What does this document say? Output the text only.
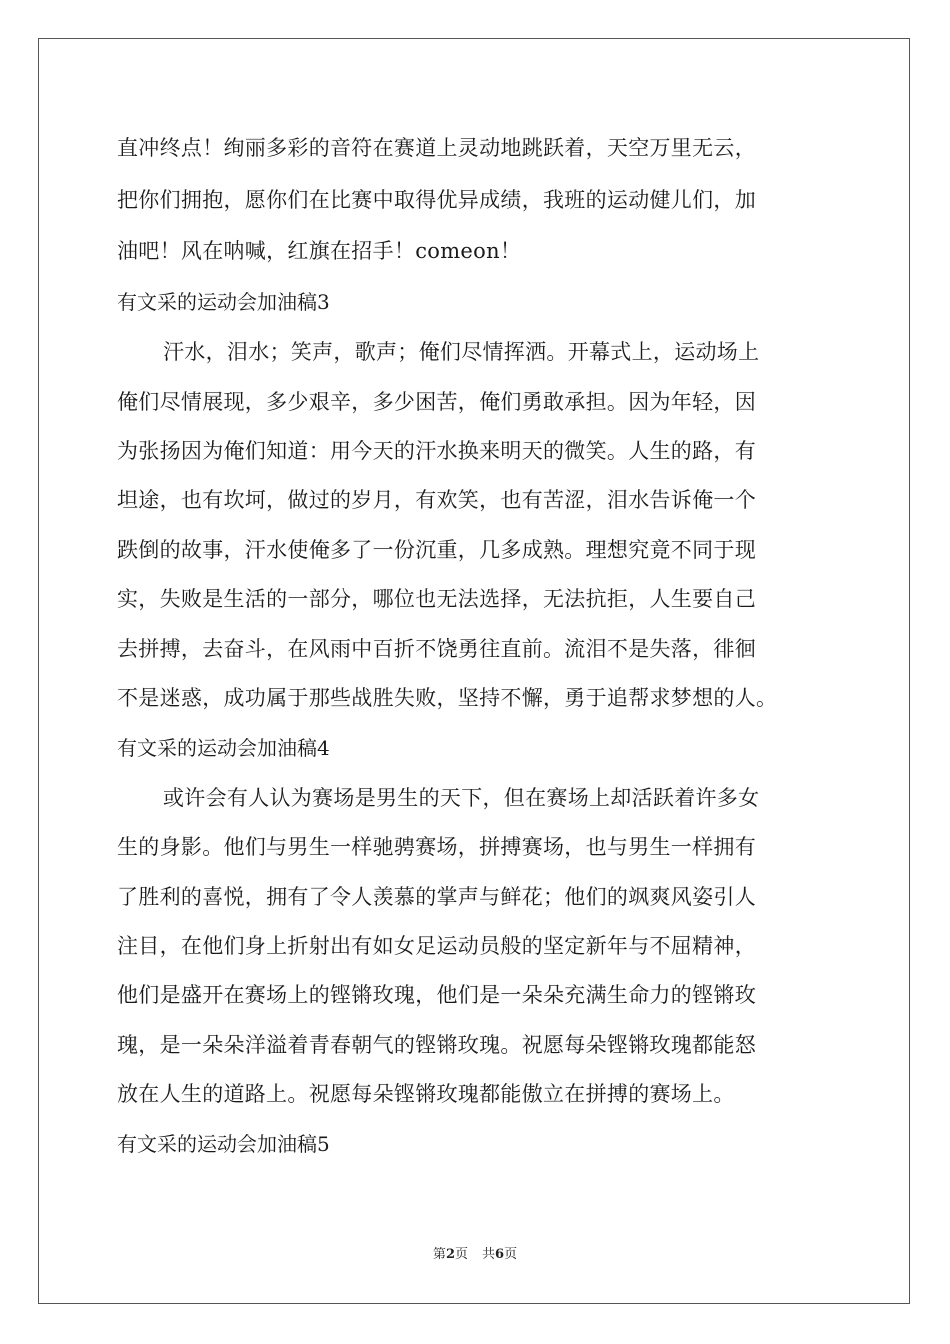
直冲终点！绚丽多彩的音符在赛道上灵动地跳跃着，天空万里无云，
把你们拥抱，愿你们在比赛中取得优异成绩，我班的运动健儿们，加
油吧！风在呐喊，红旗在招手！comeon！
有文采的运动会加油稿3
汗水，泪水；笑声，歌声；俺们尽情挥洒。开幕式上，运动场上
俺们尽情展现，多少艰辛，多少困苦，俺们勇敢承担。因为年轻，因
为张扬因为俺们知道：用今天的汗水换来明天的微笑。人生的路，有
坦途，也有坎坷，做过的岁月，有欢笑，也有苦涩，泪水告诉俺一个
跌倒的故事，汗水使俺多了一份沉重，几多成熟。理想究竟不同于现
实，失败是生活的一部分，哪位也无法选择，无法抗拒，人生要自己
去拼搏，去奋斗，在风雨中百折不饶勇往直前。流泪不是失落，徘徊
不是迷惑，成功属于那些战胜失败，坚持不懈，勇于追帮求梦想的人。
有文采的运动会加油稿4
或许会有人认为赛场是男生的天下，但在赛场上却活跃着许多女
生的身影。他们与男生一样驰骋赛场，拼搏赛场，也与男生一样拥有
了胜利的喜悦，拥有了令人羡慕的掌声与鲜花；他们的飒爽风姿引人
注目，在他们身上折射出有如女足运动员般的坚定新年与不屈精神，
他们是盛开在赛场上的铿锵玫瑰，他们是一朵朵充满生命力的铿锵玫
瑰，是一朵朵洋溢着青春朝气的铿锵玫瑰。祝愿每朵铿锵玫瑰都能怒
放在人生的道路上。祝愿每朵铿锵玫瑰都能傲立在拼搏的赛场上。
有文采的运动会加油稿5
第2页 共6页
